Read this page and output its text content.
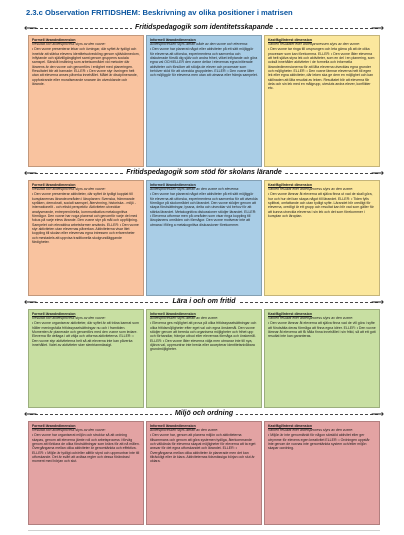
2.3.c Observation FRITIDSHEM: Beskrivning av olika positioner i matrisen
⟵	Fritidspedagogik som identitetsskapande	⟶
Formell lärandedimension
Resultat och arbetsprocess styrs av den vuxne:
• Den vuxne presenterar lekar och övningar, där syftet är tydligt och innebär att stärka elevens identitetsutveckling genom självkännedom, inflytande och självtillgänglighet samt genom gruppens sociala samspel. Särskilt inslitning som arbetsområdet vid metoder där lärarens är den vuxne och genomförs i enlighet med planeringen. Resultatet blir att barnade: ELLER: • Den vuxne styr övningen helt utan att eleverna anses påverka innehållet. Målet är disciplinerande, uppfostrande eller moraliserande snarare än utvecklande och lärande.
Informell lärandedimension
Arbetsprocessen styrs utifrån både av den vuxne och eleverna:
• Den vuxne har planerat något eller aktiviteter på ett sätt möjliggör för eleverna att utforska, experimentera och samverka och diskuterade förstå dig själv och andra frihet, vilket inflytande och göra egna val OCH/ELLER den vuxne deltar i elevernas egna initierade aktiviteter och försöker att stödja de elever och processer som behöver stöd för att utveckla gruppdelen. ELLER: • Den vuxne låter och möjliggör för eleverna men utan att utmana eller främja sampelet.
Kastfågl/Intrest dimension
Varken resultatet eller arbetsprocessen styrs av den vuxne:
• Den vuxne tar ringa till ursprungen och leta gärna på att de olika processer som kan förekomma. ELLER: • Den vuxne låter eleverna att helt själva styra lek och aktiviteter, som en del i en planering, som också innehåller aktiviteter i de formella och informella lärandedimensionerna för att låta eleverna utvecklas egna grunder och möjligheter. ELLER: • Den vuxne lämnar eleverna helt till egen lek eller egna aktiviteter, där leken ska ge dem en möjlighet och kan skillnaden att låta resultat av leken. Resultatet blir att eleverna får dela och sin lek med en målgrupp, utesluts andra elever, konflikter etc.
⟵	Fritidspedagogik som stöd för skolans lärande	⟶
Formell lärandedimension
Resultat och arbetsprocess styrs av den vuxne:
• Den vuxne presenterar aktiviteter, där syftet är tydligt kopplat till kursplanernas lärandeområden i läroplanen: Svenska, främmande språken, demokrati, socialt samspel, återvinning, historiska - miljö - internationellt - och etiskt perspektiv. Aktiviteten utvecklar analyserande, entreprenöriella, kommunikativa metakognitiva förmågor. Den vuxne har noga planerat och genomför varje del med fokus på varje elevs lärande. Den vuxne styr på mål och uppföljning. Sampelet och elevaktiva arbetsformer används. ELLER: • Den vuxne styr aktiviteten utan elevernas påverkan. Aktiviteterna visar litet koppling till skolan eller elevernas egna intressen och erfarenheter och mestadels att uppvisa traditionella skolgrundläggande färdigheter.
Informell lärandedimension
Arbetsprocessen styrs utifrån av den vuxne och eleverna:
• Den vuxne har planerat något eller aktiviteter på ett sätt möjliggör för eleverna att utforska, experimentera och samverka för att utveckla förmågor på skolområdet och lärandet. Den vuxne stödjer genom att skapa förutsättningar, lyssna, delta och utvecklar vid behov för att stärka lärandet. Metakognitiva diskussioner stödjer lärandet. ELLER: • Eleverna utformar men på områden som visar ringa koppling till läroplanens områden och förmågor. Den vuxne motiverar inte att utmana i flit/eg a metakognitiva diskussioner förekommer.
Kastfågl/Intrest dimension
Varken resultat eller arbetsprocess styrs av den vuxne:
• Den vuxne lämnar åt eleverna att själva finna ut vad de skall göra, hur och hur det kan skapa något till lärandet. ELLER: • Tiden fylls splittrat, omfattande och utan tydligt syfte. Lärandet blir oredligt för eleverna, oredligt är ett grupp och resultat kan blir vad som gäller för att kunna utveckla eleverna i sin lek och det som förekommer i kursplan och läroplan.
⟵	Lära i och om fritid	⟶
Formell lärandedimension
Resultat och arbetsprocess styrs av den vuxne:
• Den vuxne organiserar aktiviteter, där syftet är att träna kamrat som håller meningsfulla fritidssysselsättningar nu och i framtiden. Momenten är planerade och genomförs med den vuxne som ledare. Eleverna får deltaga i att välja och utforma aktiviteterna. ELLER: • Den vuxne styr aktiviteterna helt så att eleverna inte kan påverka innehållet. Valet av aktiviteter sker slentrianmässigt.
Informell lärandedimension
Arbetsprocessen styrs utifrån av den vuxne:
• Eleverna ges möjlighet att prova på olika fritidssysselsättningar och olika fritidsmöjligheter efter eget val och egna önskemål. Den vuxne stödjer genom att bereda och organisera möjligheter och frihet upp och förhandlar, främjar utbud eller elevernas förmåga och önskemål. ELLER: • Den vuxne låter eleverna välja men utmanar inte till nya, djärva val, uppmuntrar inte breda eller accepterar identitetsnivåbara grundmöjligheter.
Kastfågl/Intrest dimension
Varken resultat eller arbetsprocess styrs av den vuxne:
• Den vuxne lämnar åt eleverna att själva finna vad de vill göra i syfte att förutsätta deras förmåga att finna egna idéer. ELLER: • Den vuxne lämnar åt eleverna att få hålla finna innehållet i sin fritid, så att ett gott resultat inte kan garanteras.
⟵	Miljö och ordning	⟶
Formell lärandedimension
Resultat och arbetsprocess styrs av den vuxne:
• Den vuxne har organiserat miljön och struktur så att ordning skapas, genom att eleverna jämte roll och arbetsprocess i förväg genom att förklara de olika förutsättningar som krävs för att nå målen. Övergångarna mellan olika aktiviteter är genomtänkta och effektiva. ELLER: • Miljön är tydligt och/eller alltför styrd och uppmuntrar inte till utforskande. Det är svårt att avläsa regler och dessa förändras/ moment med början och slut.
Informell lärandedimension
Arbetsprocessen styrs utifrån av den vuxne:
• Den vuxne har, genom att planera miljön och aktiviteterna tillsammans och genom att göra systemen tydliga, återkommande och välkända för eleverna skapat möjligheter för eleverna att ta eget ansvar för det egna utforskandet och lärandet. ELLER: • Övergångarna mellan olika aktiviteter är planerade men det kan tillräckligt eller är klara. Aktiviteternas tidsmässiga början och slut är oklara.
Kastfågl/Intrest dimension
Varken resultat eller arbetsprocess styrs av den vuxne:
• Miljön är inte genomtänkt för någon särskild aktivitet eller ger utrymme för elevens egen kreativitet ELLER: • Ordningen uppstår inte genom de vuxnas inte genomtänkta system och/eller miljön skapar oordning.
